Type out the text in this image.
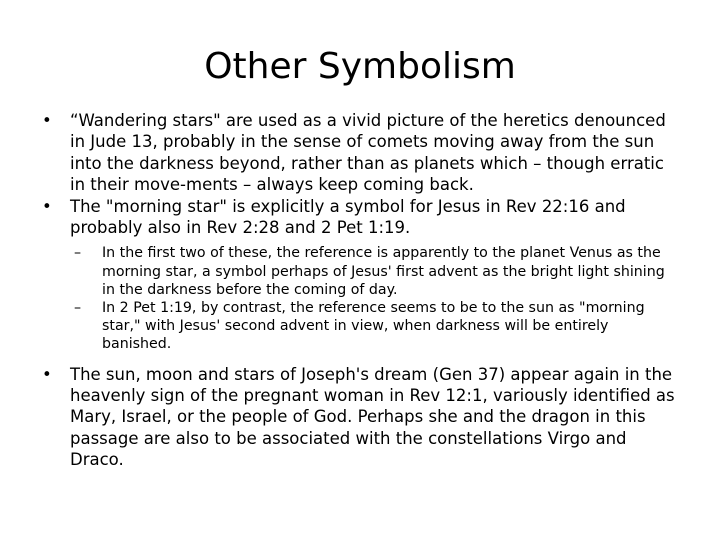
Other Symbolism

• “Wandering stars" are used as a vivid picture of the heretics denounced in Jude 13, probably in the sense of comets moving away from the sun into the darkness beyond, rather than as planets which – though erratic in their move-ments – always keep coming back.

• The "morning star" is explicitly a symbol for Jesus in Rev 22:16 and probably also in Rev 2:28 and 2 Pet 1:19.

– In the first two of these, the reference is apparently to the planet Venus as the morning star, a symbol perhaps of Jesus' first advent as the bright light shining in the darkness before the coming of day.

– In 2 Pet 1:19, by contrast, the reference seems to be to the sun as "morning star," with Jesus' second advent in view, when darkness will be entirely banished.

• The sun, moon and stars of Joseph's dream (Gen 37) appear again in the heavenly sign of the pregnant woman in Rev 12:1, variously identified as Mary, Israel, or the people of God. Perhaps she and the dragon in this passage are also to be associated with the constellations Virgo and Draco.
